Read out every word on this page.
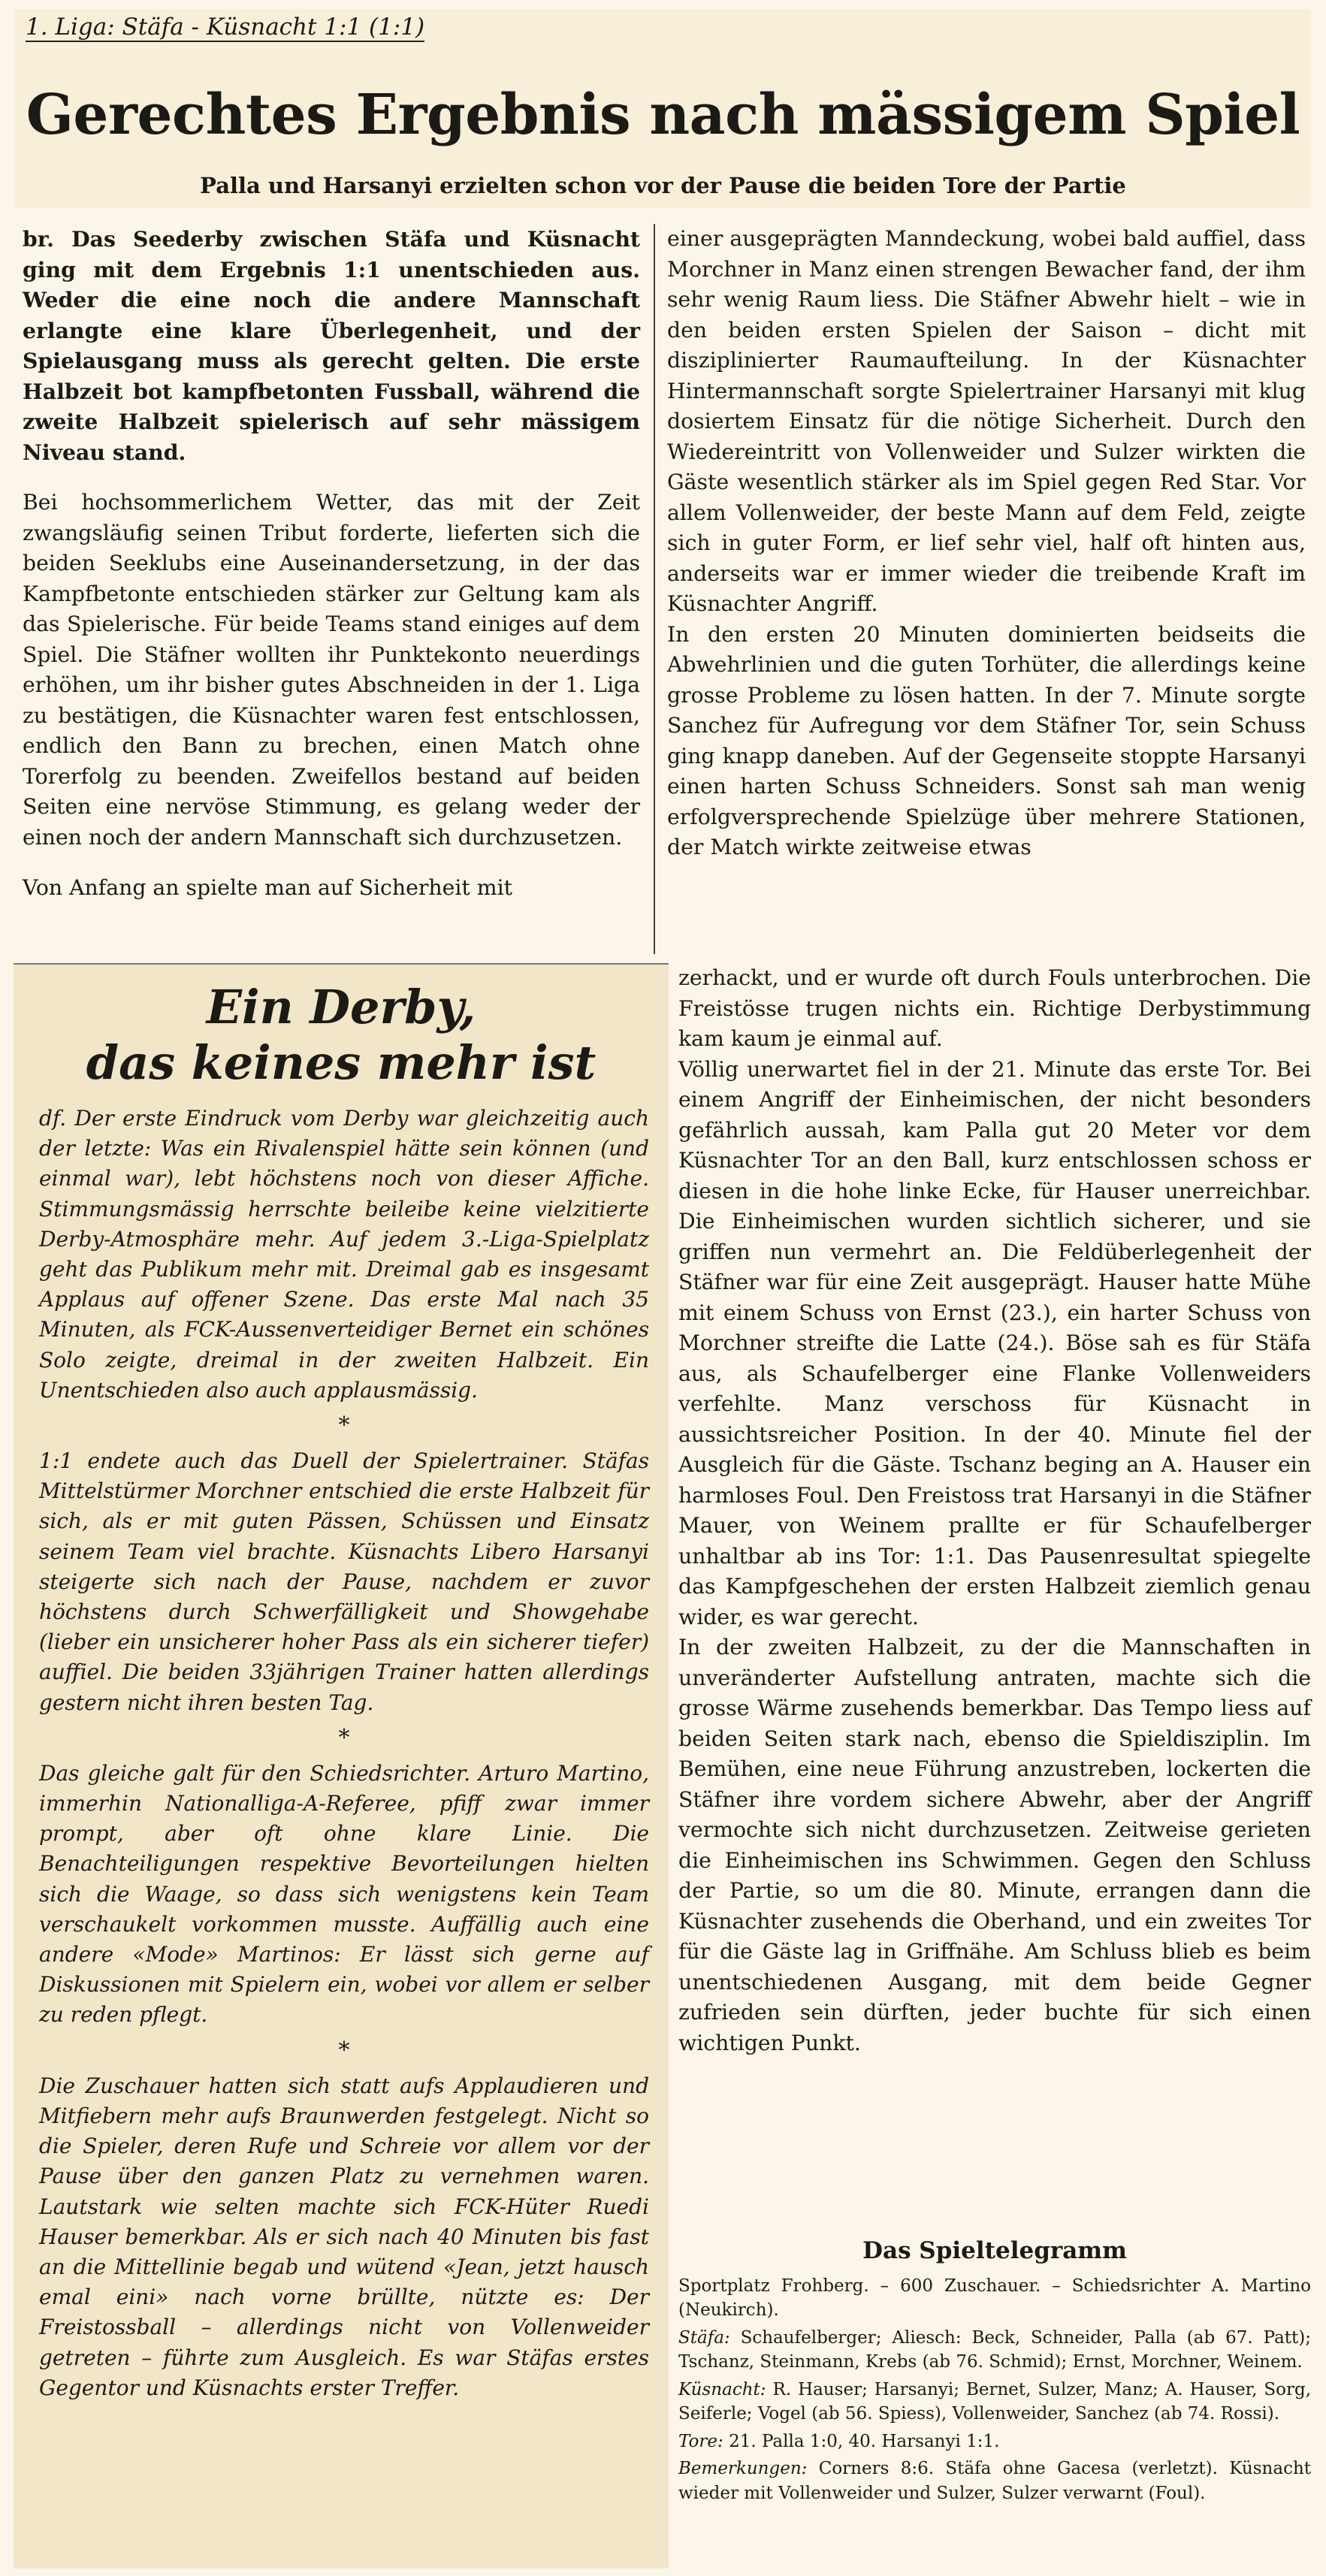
1. Liga: Stäfa - Küsnacht 1:1 (1:1)
Gerechtes Ergebnis nach mässigem Spiel
Palla und Harsanyi erzielten schon vor der Pause die beiden Tore der Partie

br. Das Seederby zwischen Stäfa und Küsnacht ging mit dem Ergebnis 1:1 unentschieden aus. Weder die eine noch die andere Mannschaft erlangte eine klare Überlegenheit, und der Spielausgang muss als gerecht gelten. Die erste Halbzeit bot kampfbetonten Fussball, während die zweite Halbzeit spielerisch auf sehr mässigem Niveau stand.

Bei hochsommerlichem Wetter, das mit der Zeit zwangsläufig seinen Tribut forderte, lieferten sich die beiden Seeklubs eine Auseinandersetzung, in der das Kampfbetonte entschieden stärker zur Geltung kam als das Spielerische. Für beide Teams stand einiges auf dem Spiel. Die Stäfner wollten ihr Punktekonto neuerdings erhöhen, um ihr bisher gutes Abschneiden in der 1. Liga zu bestätigen, die Küsnachter waren fest entschlossen, endlich den Bann zu brechen, einen Match ohne Torerfolg zu beenden. Zweifellos bestand auf beiden Seiten eine nervöse Stimmung, es gelang weder der einen noch der andern Mannschaft sich durchzusetzen.

Von Anfang an spielte man auf Sicherheit mit

einer ausgeprägten Manndeckung, wobei bald auffiel, dass Morchner in Manz einen strengen Bewacher fand, der ihm sehr wenig Raum liess. Die Stäfner Abwehr hielt – wie in den beiden ersten Spielen der Saison – dicht mit disziplinierter Raumaufteilung. In der Küsnachter Hintermannschaft sorgte Spielertrainer Harsanyi mit klug dosiertem Einsatz für die nötige Sicherheit. Durch den Wiedereintritt von Vollenweider und Sulzer wirkten die Gäste wesentlich stärker als im Spiel gegen Red Star. Vor allem Vollenweider, der beste Mann auf dem Feld, zeigte sich in guter Form, er lief sehr viel, half oft hinten aus, anderseits war er immer wieder die treibende Kraft im Küsnachter Angriff.

In den ersten 20 Minuten dominierten beidseits die Abwehrlinien und die guten Torhüter, die allerdings keine grosse Probleme zu lösen hatten. In der 7. Minute sorgte Sanchez für Aufregung vor dem Stäfner Tor, sein Schuss ging knapp daneben. Auf der Gegenseite stoppte Harsanyi einen harten Schuss Schneiders. Sonst sah man wenig erfolgversprechende Spielzüge über mehrere Stationen, der Match wirkte zeitweise etwas

Ein Derby,
das keines mehr ist

df. Der erste Eindruck vom Derby war gleichzeitig auch der letzte: Was ein Rivalenspiel hätte sein können (und einmal war), lebt höchstens noch von dieser Affiche. Stimmungsmässig herrschte beileibe keine vielzitierte Derby-Atmosphäre mehr. Auf jedem 3.-Liga-Spielplatz geht das Publikum mehr mit. Dreimal gab es insgesamt Applaus auf offener Szene. Das erste Mal nach 35 Minuten, als FCK-Aussenverteidiger Bernet ein schönes Solo zeigte, dreimal in der zweiten Halbzeit. Ein Unentschieden also auch applausmässig.

*

1:1 endete auch das Duell der Spielertrainer. Stäfas Mittelstürmer Morchner entschied die erste Halbzeit für sich, als er mit guten Pässen, Schüssen und Einsatz seinem Team viel brachte. Küsnachts Libero Harsanyi steigerte sich nach der Pause, nachdem er zuvor höchstens durch Schwerfälligkeit und Showgehabe (lieber ein unsicherer hoher Pass als ein sicherer tiefer) auffiel. Die beiden 33jährigen Trainer hatten allerdings gestern nicht ihren besten Tag.

*

Das gleiche galt für den Schiedsrichter. Arturo Martino, immerhin Nationalliga-A-Referee, pfiff zwar immer prompt, aber oft ohne klare Linie. Die Benachteiligungen respektive Bevorteilungen hielten sich die Waage, so dass sich wenigstens kein Team verschaukelt vorkommen musste. Auffällig auch eine andere «Mode» Martinos: Er lässt sich gerne auf Diskussionen mit Spielern ein, wobei vor allem er selber zu reden pflegt.

*

Die Zuschauer hatten sich statt aufs Applaudieren und Mitfiebern mehr aufs Braunwerden festgelegt. Nicht so die Spieler, deren Rufe und Schreie vor allem vor der Pause über den ganzen Platz zu vernehmen waren. Lautstark wie selten machte sich FCK-Hüter Ruedi Hauser bemerkbar. Als er sich nach 40 Minuten bis fast an die Mittellinie begab und wütend «Jean, jetzt hausch emal eini» nach vorne brüllte, nützte es: Der Freistossball – allerdings nicht von Vollenweider getreten – führte zum Ausgleich. Es war Stäfas erstes Gegentor und Küsnachts erster Treffer.

zerhackt, und er wurde oft durch Fouls unterbrochen. Die Freistösse trugen nichts ein. Richtige Derbystimmung kam kaum je einmal auf.

Völlig unerwartet fiel in der 21. Minute das erste Tor. Bei einem Angriff der Einheimischen, der nicht besonders gefährlich aussah, kam Palla gut 20 Meter vor dem Küsnachter Tor an den Ball, kurz entschlossen schoss er diesen in die hohe linke Ecke, für Hauser unerreichbar. Die Einheimischen wurden sichtlich sicherer, und sie griffen nun vermehrt an. Die Feldüberlegenheit der Stäfner war für eine Zeit ausgeprägt. Hauser hatte Mühe mit einem Schuss von Ernst (23.), ein harter Schuss von Morchner streifte die Latte (24.). Böse sah es für Stäfa aus, als Schaufelberger eine Flanke Vollenweiders verfehlte. Manz verschoss für Küsnacht in aussichtsreicher Position. In der 40. Minute fiel der Ausgleich für die Gäste. Tschanz beging an A. Hauser ein harmloses Foul. Den Freistoss trat Harsanyi in die Stäfner Mauer, von Weinem prallte er für Schaufelberger unhaltbar ab ins Tor: 1:1. Das Pausenresultat spiegelte das Kampfgeschehen der ersten Halbzeit ziemlich genau wider, es war gerecht.

In der zweiten Halbzeit, zu der die Mannschaften in unveränderter Aufstellung antraten, machte sich die grosse Wärme zusehends bemerkbar. Das Tempo liess auf beiden Seiten stark nach, ebenso die Spieldisziplin. Im Bemühen, eine neue Führung anzustreben, lockerten die Stäfner ihre vordem sichere Abwehr, aber der Angriff vermochte sich nicht durchzusetzen. Zeitweise gerieten die Einheimischen ins Schwimmen. Gegen den Schluss der Partie, so um die 80. Minute, errangen dann die Küsnachter zusehends die Oberhand, und ein zweites Tor für die Gäste lag in Griffnähe. Am Schluss blieb es beim unentschiedenen Ausgang, mit dem beide Gegner zufrieden sein dürften, jeder buchte für sich einen wichtigen Punkt.

Das Spieltelegramm

Sportplatz Frohberg. – 600 Zuschauer. – Schiedsrichter A. Martino (Neukirch).

Stäfa: Schaufelberger; Aliesch: Beck, Schneider, Palla (ab 67. Patt); Tschanz, Steinmann, Krebs (ab 76. Schmid); Ernst, Morchner, Weinem.

Küsnacht: R. Hauser; Harsanyi; Bernet, Sulzer, Manz; A. Hauser, Sorg, Seiferle; Vogel (ab 56. Spiess), Vollenweider, Sanchez (ab 74. Rossi).

Tore: 21. Palla 1:0, 40. Harsanyi 1:1.

Bemerkungen: Corners 8:6. Stäfa ohne Gacesa (verletzt). Küsnacht wieder mit Vollenweider und Sulzer, Sulzer verwarnt (Foul).
